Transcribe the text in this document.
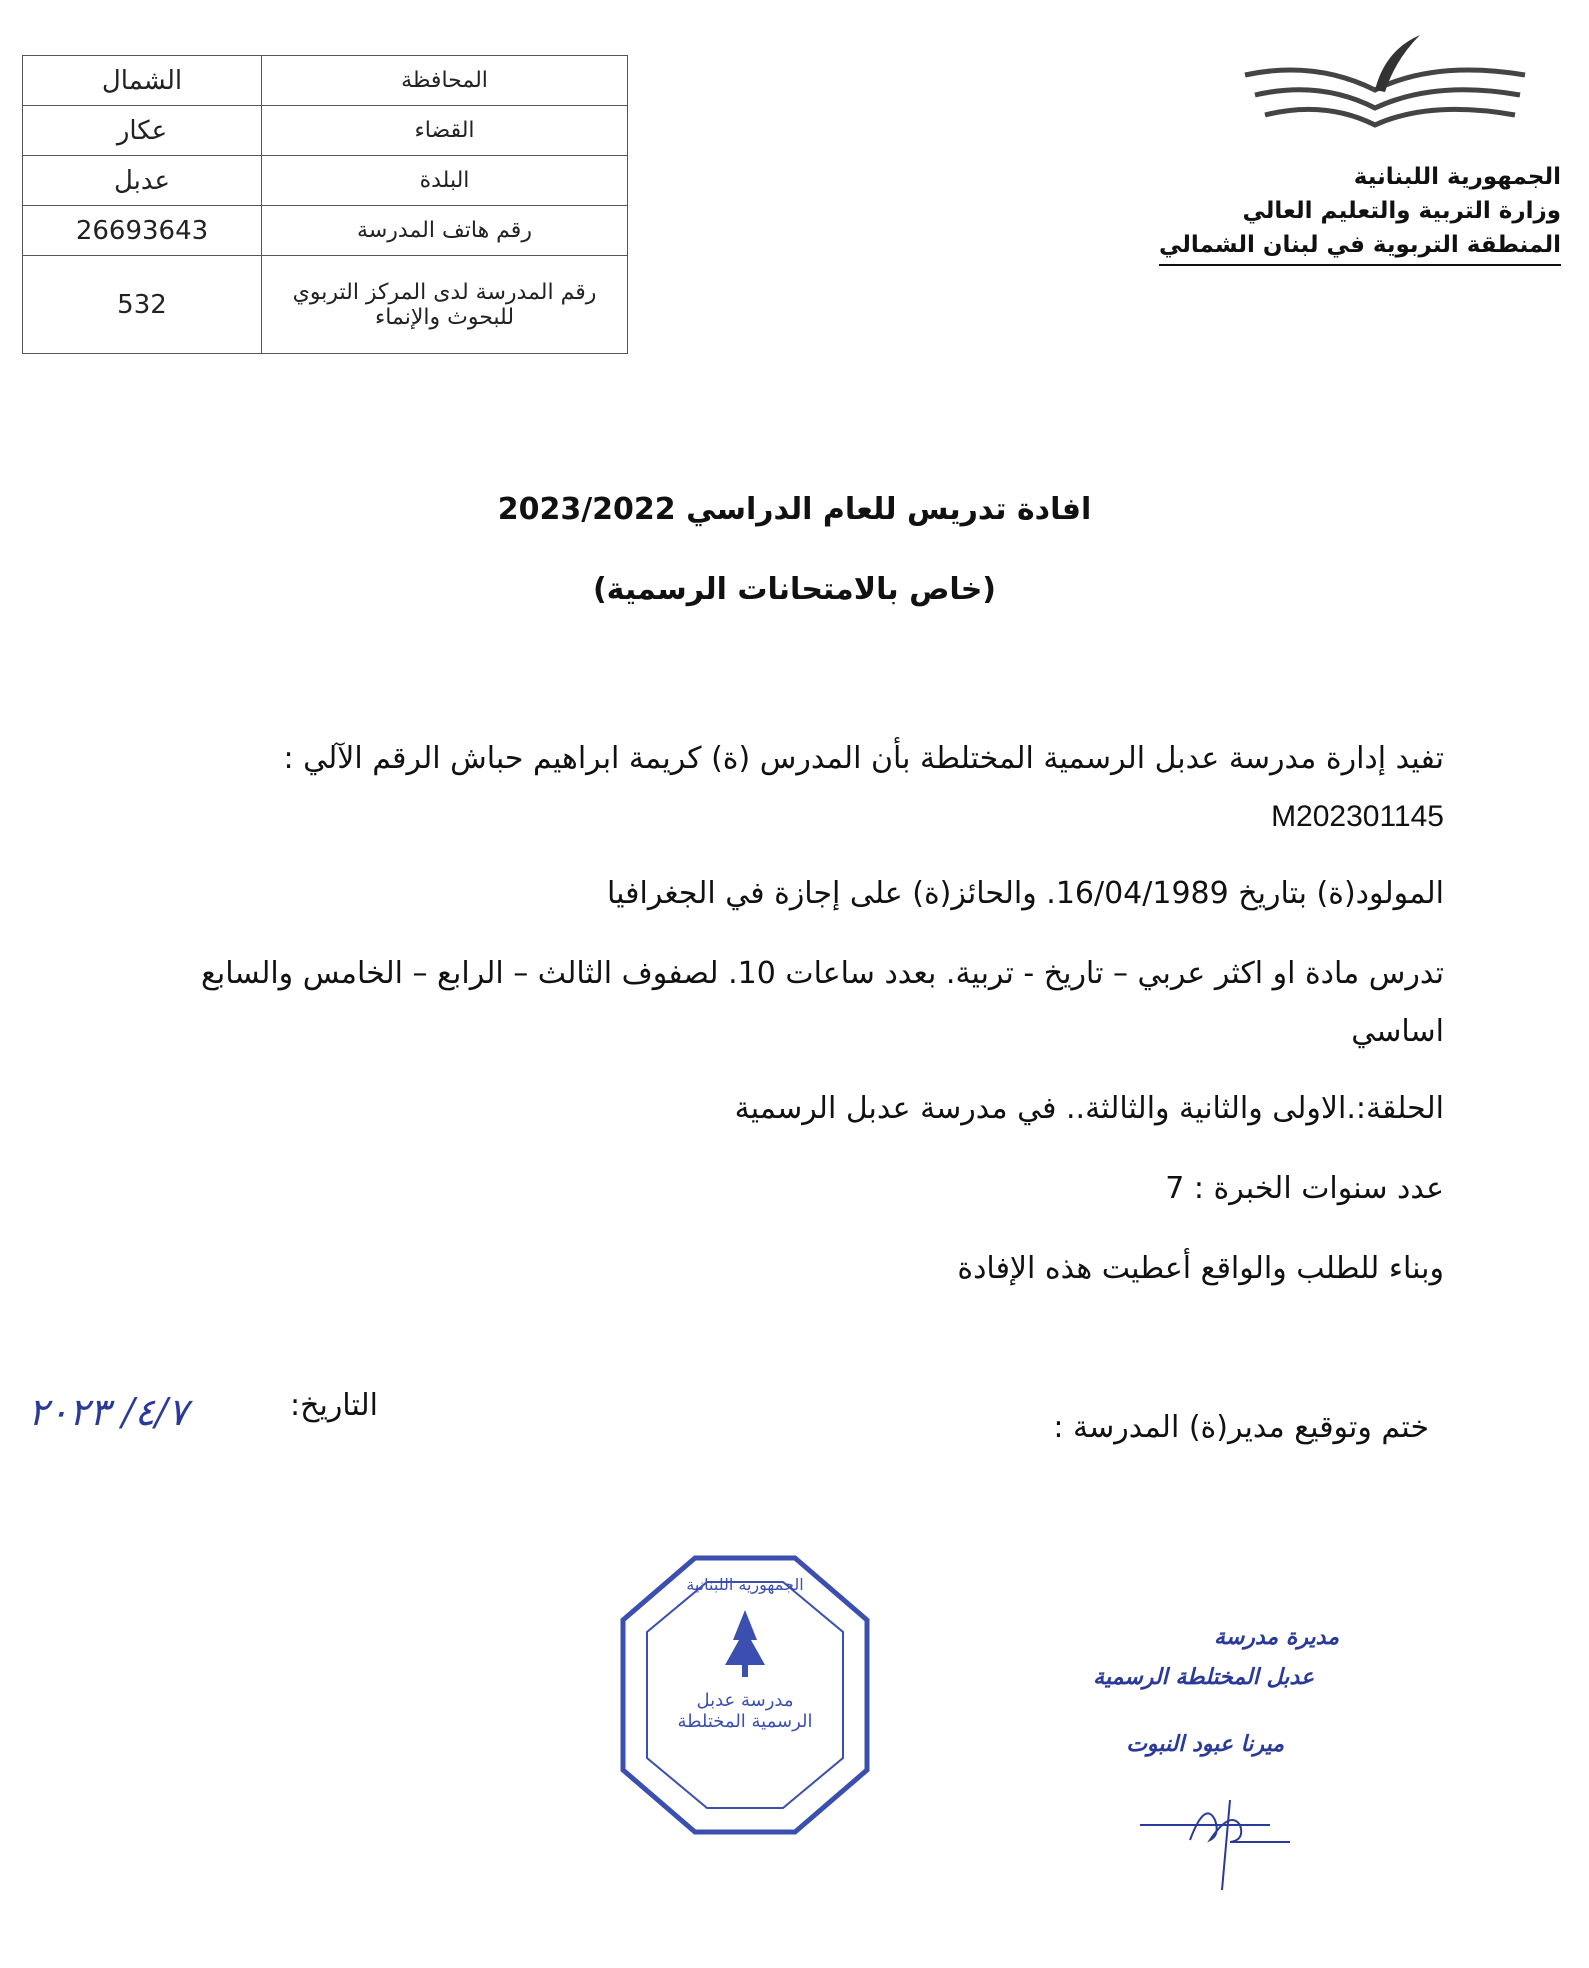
المحافظة	الشمال
القضاء	عكار
البلدة	عدبل
رقم هاتف المدرسة	26693643
رقم المدرسة لدى المركز التربوي للبحوث والإنماء	532
الجمهورية اللبنانية
وزارة التربية والتعليم العالي
المنطقة التربوية في لبنان الشمالي
افادة تدريس للعام الدراسي 2023/2022
(خاص بالامتحانات الرسمية)
تفيد إدارة مدرسة عدبل الرسمية المختلطة بأن المدرس (ة) كريمة ابراهيم حباش الرقم الآلي :
M202301145
المولود(ة) بتاريخ 16/04/1989. والحائز(ة) على إجازة في الجغرافيا
تدرس مادة او اكثر عربي – تاريخ - تربية. بعدد ساعات 10. لصفوف الثالث – الرابع – الخامس والسابع اساسي
الحلقة:.الاولى والثانية والثالثة.. في مدرسة عدبل الرسمية
عدد سنوات الخبرة : 7
وبناء للطلب والواقع أعطيت هذه الإفادة
٤/٧/ ٢٠٢٣	التاريخ:
ختم وتوقيع مدير(ة) المدرسة :
مدرسة عدبل الرسمية المختلطة
الجمهورية اللبنانية
مديرة مدرسة
عدبل المختلطة الرسمية
ميرنا عبود النبوت
